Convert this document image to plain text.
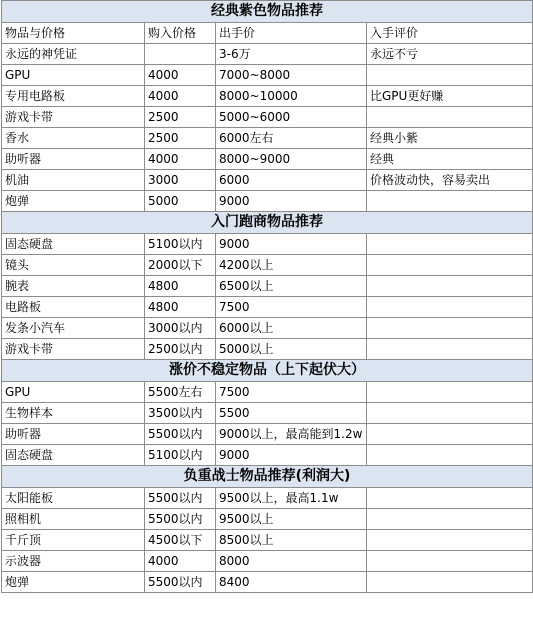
经典紫色物品推荐			
物品与价格	购入价格	出手价	入手评价
永远的神凭证		3-6万	永远不亏
GPU	4000	7000~8000	
专用电路板	4000	8000~10000	比GPU更好赚
游戏卡带	2500	5000~6000	
香水	2500	6000左右	经典小紫
助听器	4000	8000~9000	经典
机油	3000	6000	价格波动快，容易卖出
炮弹	5000	9000	
入门跑商物品推荐			
固态硬盘	5100以内	9000	
镜头	2000以下	4200以上	
腕表	4800	6500以上	
电路板	4800	7500	
发条小汽车	3000以内	6000以上	
游戏卡带	2500以内	5000以上	
涨价不稳定物品（上下起伏大）			
GPU	5500左右	7500	
生物样本	3500以内	5500	
助听器	5500以内	9000以上，最高能到1.2w	
固态硬盘	5100以内	9000	
负重战士物品推荐(利润大)			
太阳能板	5500以内	9500以上，最高1.1w	
照相机	5500以内	9500以上	
千斤顶	4500以下	8500以上	
示波器	4000	8000	
炮弹	5500以内	8400	
